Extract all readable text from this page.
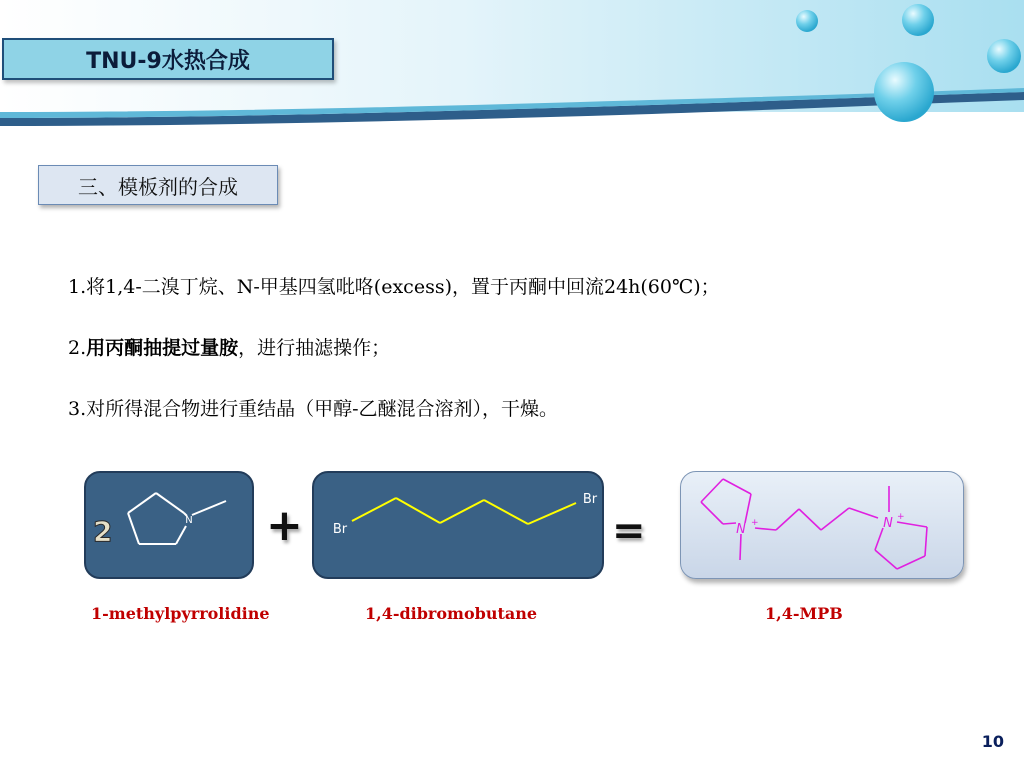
TNU-9水热合成
三、模板剂的合成
1.将1,4-二溴丁烷、N-甲基四氢吡咯(excess)，置于丙酮中回流24h(60℃)；
2.用丙酮抽提过量胺，进行抽滤操作；
3.对所得混合物进行重结晶（甲醇-乙醚混合溶剂），干燥。
N
2	+ Br
Br
=	N +	N +
1-methylpyrrolidine	1,4-dibromobutane	1,4-MPB
10
